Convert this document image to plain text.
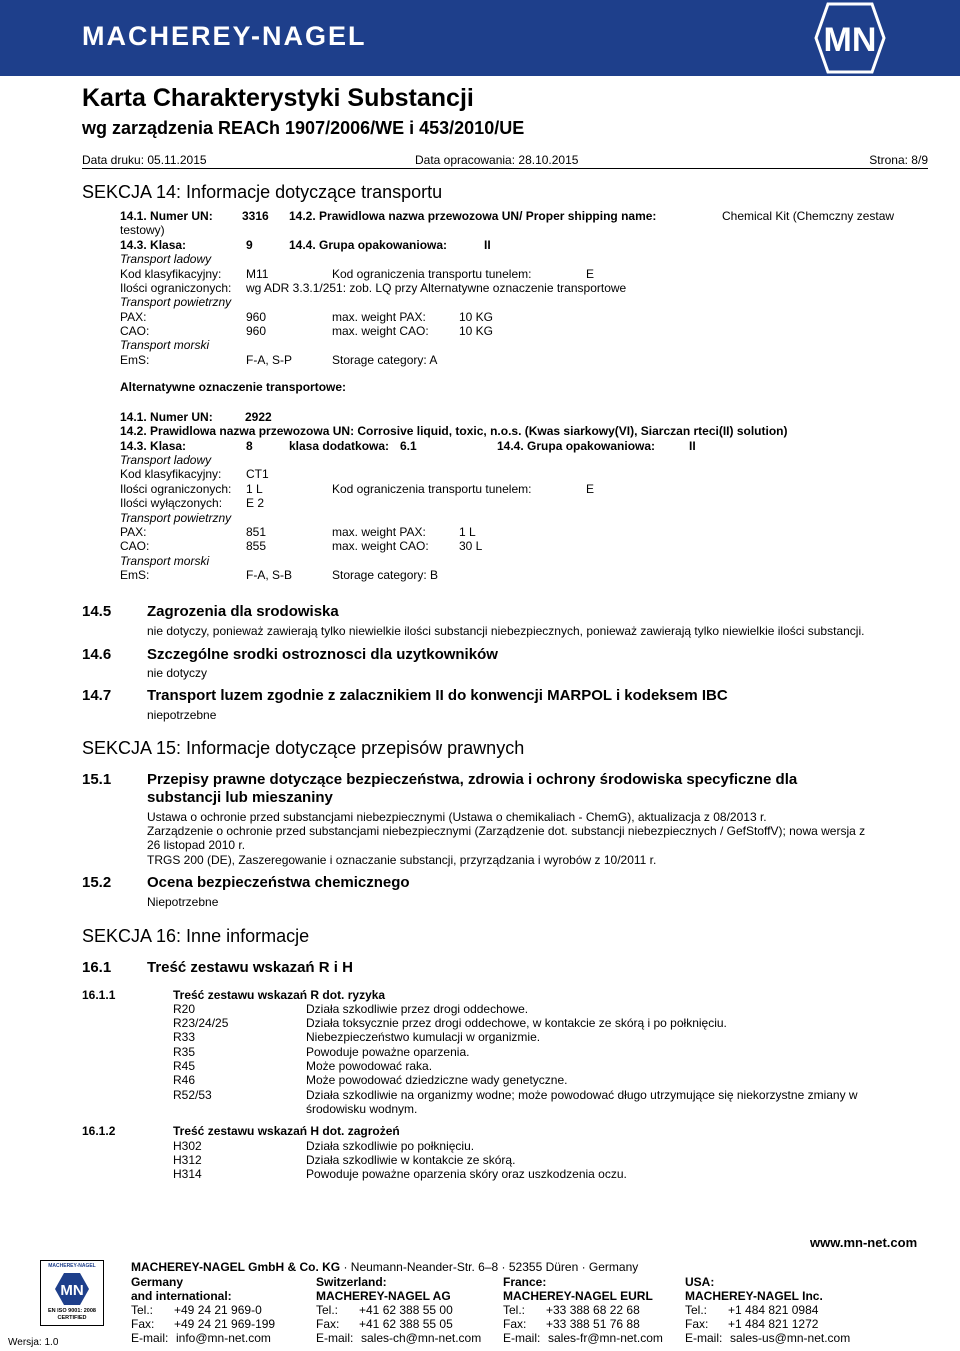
MACHEREY-NAGEL	MN
Karta Charakterystyki Substancji
wg zarządzenia REACh 1907/2006/WE i 453/2010/UE
Data druku: 05.11.2015	Data opracowania: 28.10.2015	Strona: 8/9
SEKCJA 14: Informacje dotyczące transportu
14.1. Numer UN: 3316 14.2. Prawidlowa nazwa przewozowa UN/ Proper shipping name:	Chemical Kit (Chemczny zestaw
testowy)
14.3. Klasa:	9	14.4. Grupa opakowaniowa:	II
Transport ladowy
Kod klasyfikacyjny: M11	Kod ograniczenia transportu tunelem:	E
Ilości ograniczonych: wg ADR 3.3.1/251: zob. LQ przy Alternatywne oznaczenie transportowe
Transport powietrzny
PAX:	960	max. weight PAX:	10 KG
CAO:	960	max. weight CAO:	10 KG
Transport morski
EmS:	F-A, S-P	Storage category: A
Alternatywne oznaczenie transportowe:
14.1. Numer UN:	2922
14.2. Prawidlowa nazwa przewozowa UN: Corrosive liquid, toxic, n.o.s. (Kwas siarkowy(VI), Siarczan rteci(II) solution)
14.3. Klasa:	8	klasa dodatkowa: 6.1	14.4. Grupa opakowaniowa:	II
Transport ladowy
Kod klasyfikacyjny: CT1
Ilości ograniczonych: 1 L	Kod ograniczenia transportu tunelem:	E
Ilości wyłączonych: E 2
Transport powietrzny
PAX:	851	max. weight PAX:	1 L
CAO:	855	max. weight CAO:	30 L
Transport morski
EmS:	F-A, S-B	Storage category: B
14.5 Zagrozenia dla srodowiska
nie dotyczy, ponieważ zawierają tylko niewielkie ilości substancji niebezpiecznych, ponieważ zawierają tylko niewielkie ilości substancji.
14.6 Szczególne srodki ostroznosci dla uzytkowników
nie dotyczy
14.7 Transport luzem zgodnie z zalacznikiem II do konwencji MARPOL i kodeksem IBC
niepotrzebne
SEKCJA 15: Informacje dotyczące przepisów prawnych
15.1 Przepisy prawne dotyczące bezpieczeństwa, zdrowia i ochrony środowiska specyficzne dla
substancji lub mieszaniny
Ustawa o ochronie przed substancjami niebezpiecznymi (Ustawa o chemikaliach - ChemG), aktualizacja z 08/2013 r.
Zarządzenie o ochronie przed substancjami niebezpiecznymi (Zarządzenie dot. substancji niebezpiecznych / GefStoffV); nowa wersja z
26 listopad 2010 r.
TRGS 200 (DE), Zaszeregowanie i oznaczanie substancji, przyrządzania i wyrobów z 10/2011 r.
15.2 Ocena bezpieczeństwa chemicznego
Niepotrzebne
SEKCJA 16: Inne informacje
16.1 Treść zestawu wskazań R i H
16.1.1	Treść zestawu wskazań R dot. ryzyka
R20	Działa szkodliwie przez drogi oddechowe.
R23/24/25	Działa toksycznie przez drogi oddechowe, w kontakcie ze skórą i po połknięciu.
R33	Niebezpieczeństwo kumulacji w organizmie.
R35	Powoduje poważne oparzenia.
R45	Może powodować raka.
R46	Może powodować dziedziczne wady genetyczne.
R52/53	Działa szkodliwie na organizmy wodne; może powodować długo utrzymujące się niekorzystne zmiany w
środowisku wodnym.
16.1.2	Treść zestawu wskazań H dot. zagrożeń
H302	Działa szkodliwie po połknięciu.
H312	Działa szkodliwie w kontakcie ze skórą.
H314	Powoduje poważne oparzenia skóry oraz uszkodzenia oczu.
www.mn-net.com
MACHEREY-NAGEL GmbH & Co. KG · Neumann-Neander-Str. 6–8 · 52355 Düren · Germany
MACHEREY-NAGEL
MN
EN ISO 9001: 2008 CERTIFIED
Wersja: 1.0
Germany
and international:
Tel.: +49 24 21 969-0
Fax: +49 24 21 969-199
E-mail: info@mn-net.com
Switzerland:
MACHEREY-NAGEL AG
Tel.: +41 62 388 55 00
Fax: +41 62 388 55 05
E-mail: sales-ch@mn-net.com
France:
MACHEREY-NAGEL EURL
Tel.: +33 388 68 22 68
Fax: +33 388 51 76 88
E-mail: sales-fr@mn-net.com
USA:
MACHEREY-NAGEL Inc.
Tel.: +1 484 821 0984
Fax: +1 484 821 1272
E-mail: sales-us@mn-net.com
